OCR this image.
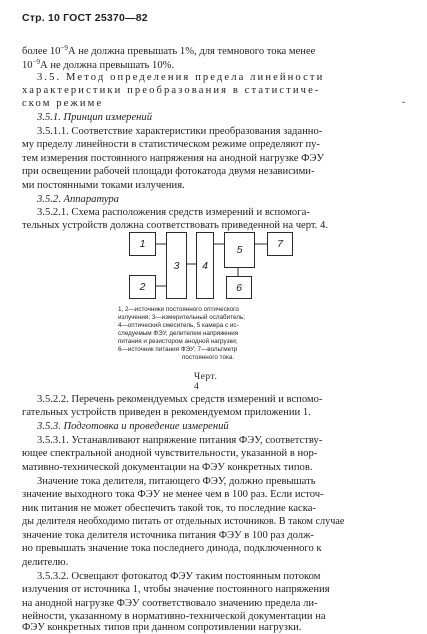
Стр. 10 ГОСТ 25370—82
более $10^{-9}А$ не должна превышать 1%, для темнового тока менее
$10^{-9}А$ не должна превышать 10%.
3.5. Метод определения предела линейности
характеристики преобразования в статистиче-
ском режиме	ˇ
3.5.1. Принцип измерений
3.5.1.1. Соответствие характеристики преобразования заданно-
му пределу линейности в статистическом режиме определяют пу-
тем измерения постоянного напряжения на анодной нагрузке ФЭУ
при освещении рабочей площади фотокатода двумя независими-
ми постоянными токами излучения.
3.5.2. Аппаратура
3.5.2.1. Схема расположения средств измерений и вспомога-
тельных устройств должна соответствовать приведенной на черт. 4.
1
2
3	4
5	7
6
1, 2—источники постоянного оптического
излучения; 3—измерительный ослабитель;
4—оптический смеситель, 5 камера с ис-
следуемым ФЭУ, делителем напряжения
питания и резистором анодной нагрузки;
6—источник питания ФЭУ; 7—вольтметр
постоянного тока.
Черт. 4
3.5.2.2. Перечень рекомендуемых средств измерений и вспомо-
гательных устройств приведен в рекомендуемом приложении 1.
3.5.3. Подготовка и проведение измерений
3.5.3.1. Устанавливают напряжение питания ФЭУ, соответству-
ющее спектральной анодной чувствительности, указанной в нор-
мативно-технической документации на ФЭУ конкретных типов.
Значение тока делителя, питающего ФЭУ, должно превышать
значение выходного тока ФЭУ не менее чем в 100 раз. Если источ-
ник питания не может обеспечить такой ток, то последние каска-
ды делителя необходимо питать от отдельных источников. В таком случае
значение тока делителя источника питания ФЭУ в 100 раз долж-
но превышать значение тока последнего динода, подключенного к
делителю.
3.5.3.2. Освещают фотокатод ФЭУ таким постоянным потоком
излучения от источника 1, чтобы значение постоянного напряжения
на анодной нагрузке ФЭУ соответствовало значению предела ли-
нейности, указанному в нормативно-технической документации на
ФЭУ конкретных типов при данном сопротивлении нагрузки.
